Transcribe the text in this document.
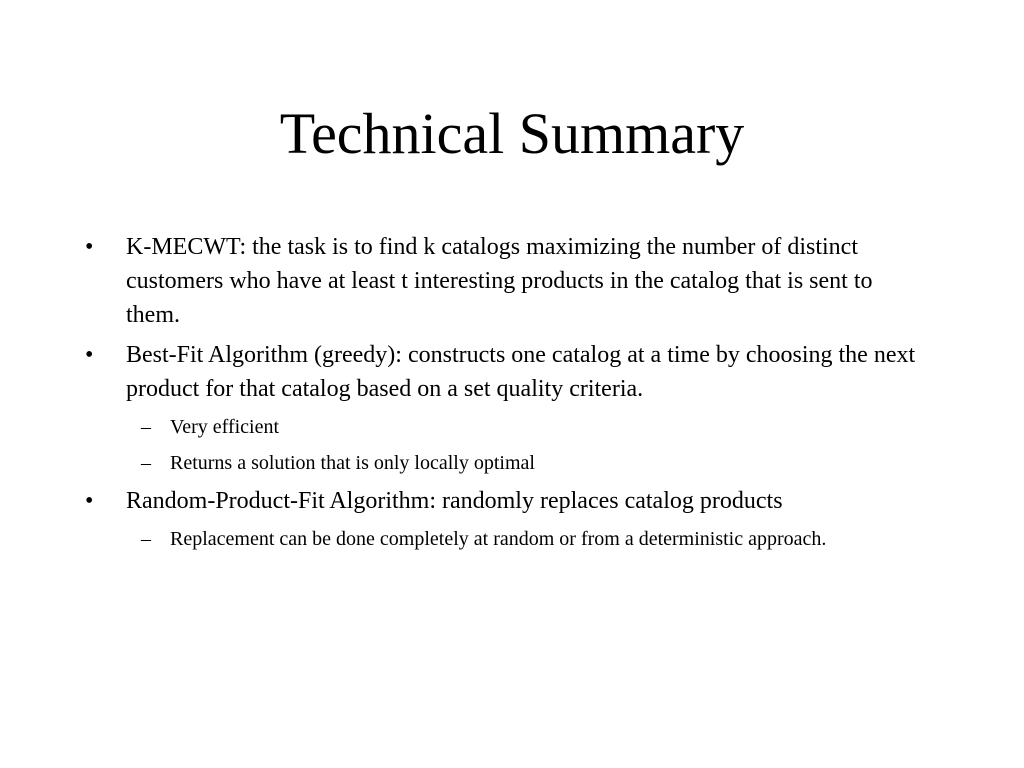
Technical Summary
•	K-MECWT: the task is to find k catalogs maximizing the number of distinct customers who have at least t interesting products in the catalog that is sent to them.
•	Best-Fit Algorithm (greedy): constructs one catalog at a time by choosing the next product for that catalog based on a set quality criteria.
– Very efficient
– Returns a solution that is only locally optimal
•	Random-Product-Fit Algorithm: randomly replaces catalog products
– Replacement can be done completely at random or from a deterministic approach.
